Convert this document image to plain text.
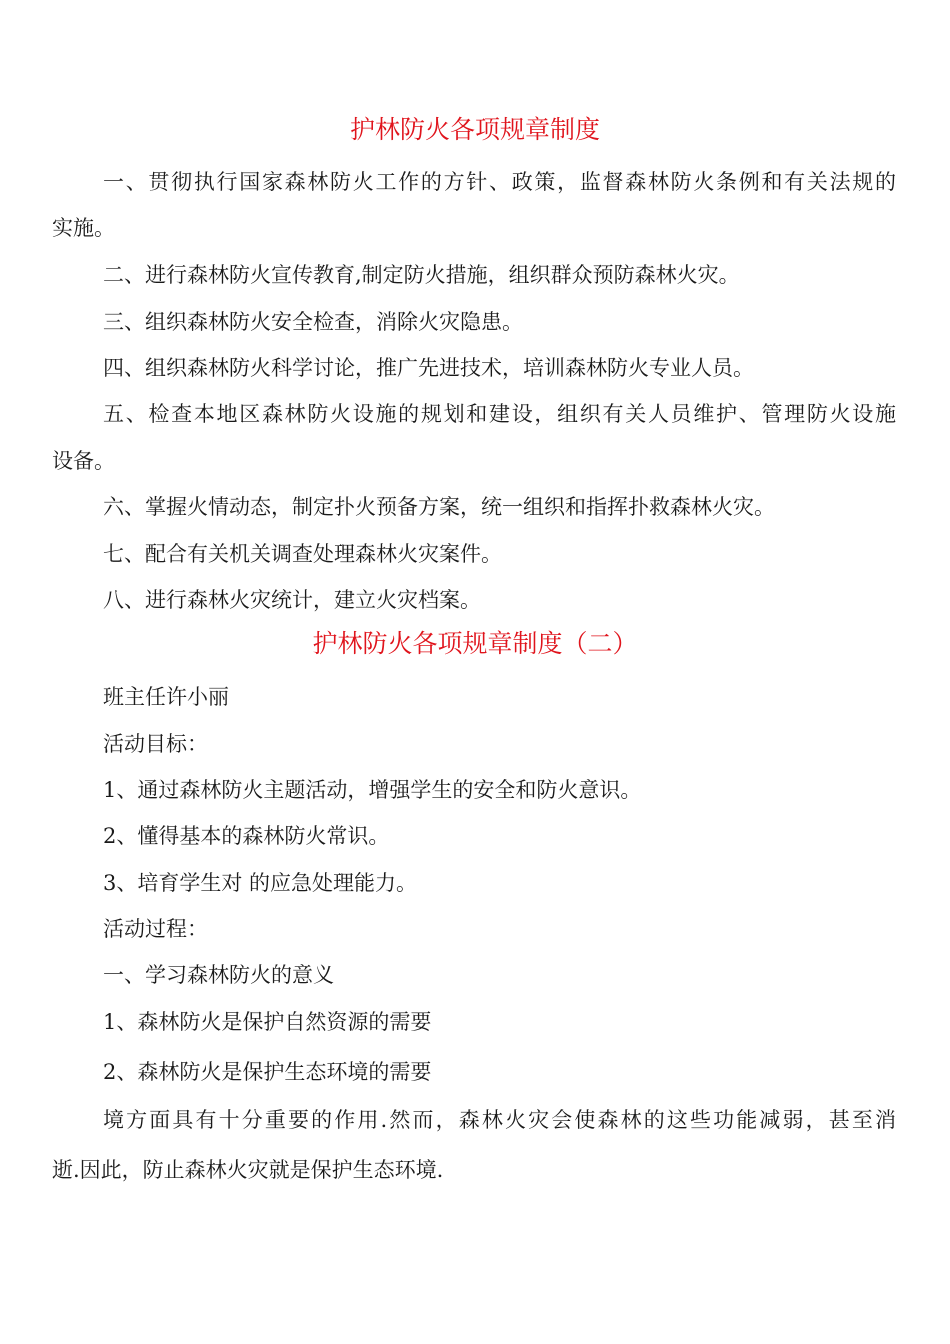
护林防火各项规章制度

一、贯彻执行国家森林防火工作的方针、政策，监督森林防火条例和有关法规的

实施。

二、进行森林防火宣传教育,制定防火措施，组织群众预防森林火灾。

三、组织森林防火安全检查，消除火灾隐患。

四、组织森林防火科学讨论，推广先进技术，培训森林防火专业人员。

五、检查本地区森林防火设施的规划和建设，组织有关人员维护、管理防火设施

设备。

六、掌握火情动态，制定扑火预备方案，统一组织和指挥扑救森林火灾。

七、配合有关机关调查处理森林火灾案件。

八、进行森林火灾统计，建立火灾档案。

护林防火各项规章制度（二）

班主任许小丽

活动目标：

1、通过森林防火主题活动，增强学生的安全和防火意识。

2、懂得基本的森林防火常识。

3、培育学生对 的应急处理能力。

活动过程：

一、学习森林防火的意义

1、森林防火是保护自然资源的需要

2、森林防火是保护生态环境的需要

境方面具有十分重要的作用.然而，森林火灾会使森林的这些功能减弱，甚至消

逝.因此，防止森林火灾就是保护生态环境.
